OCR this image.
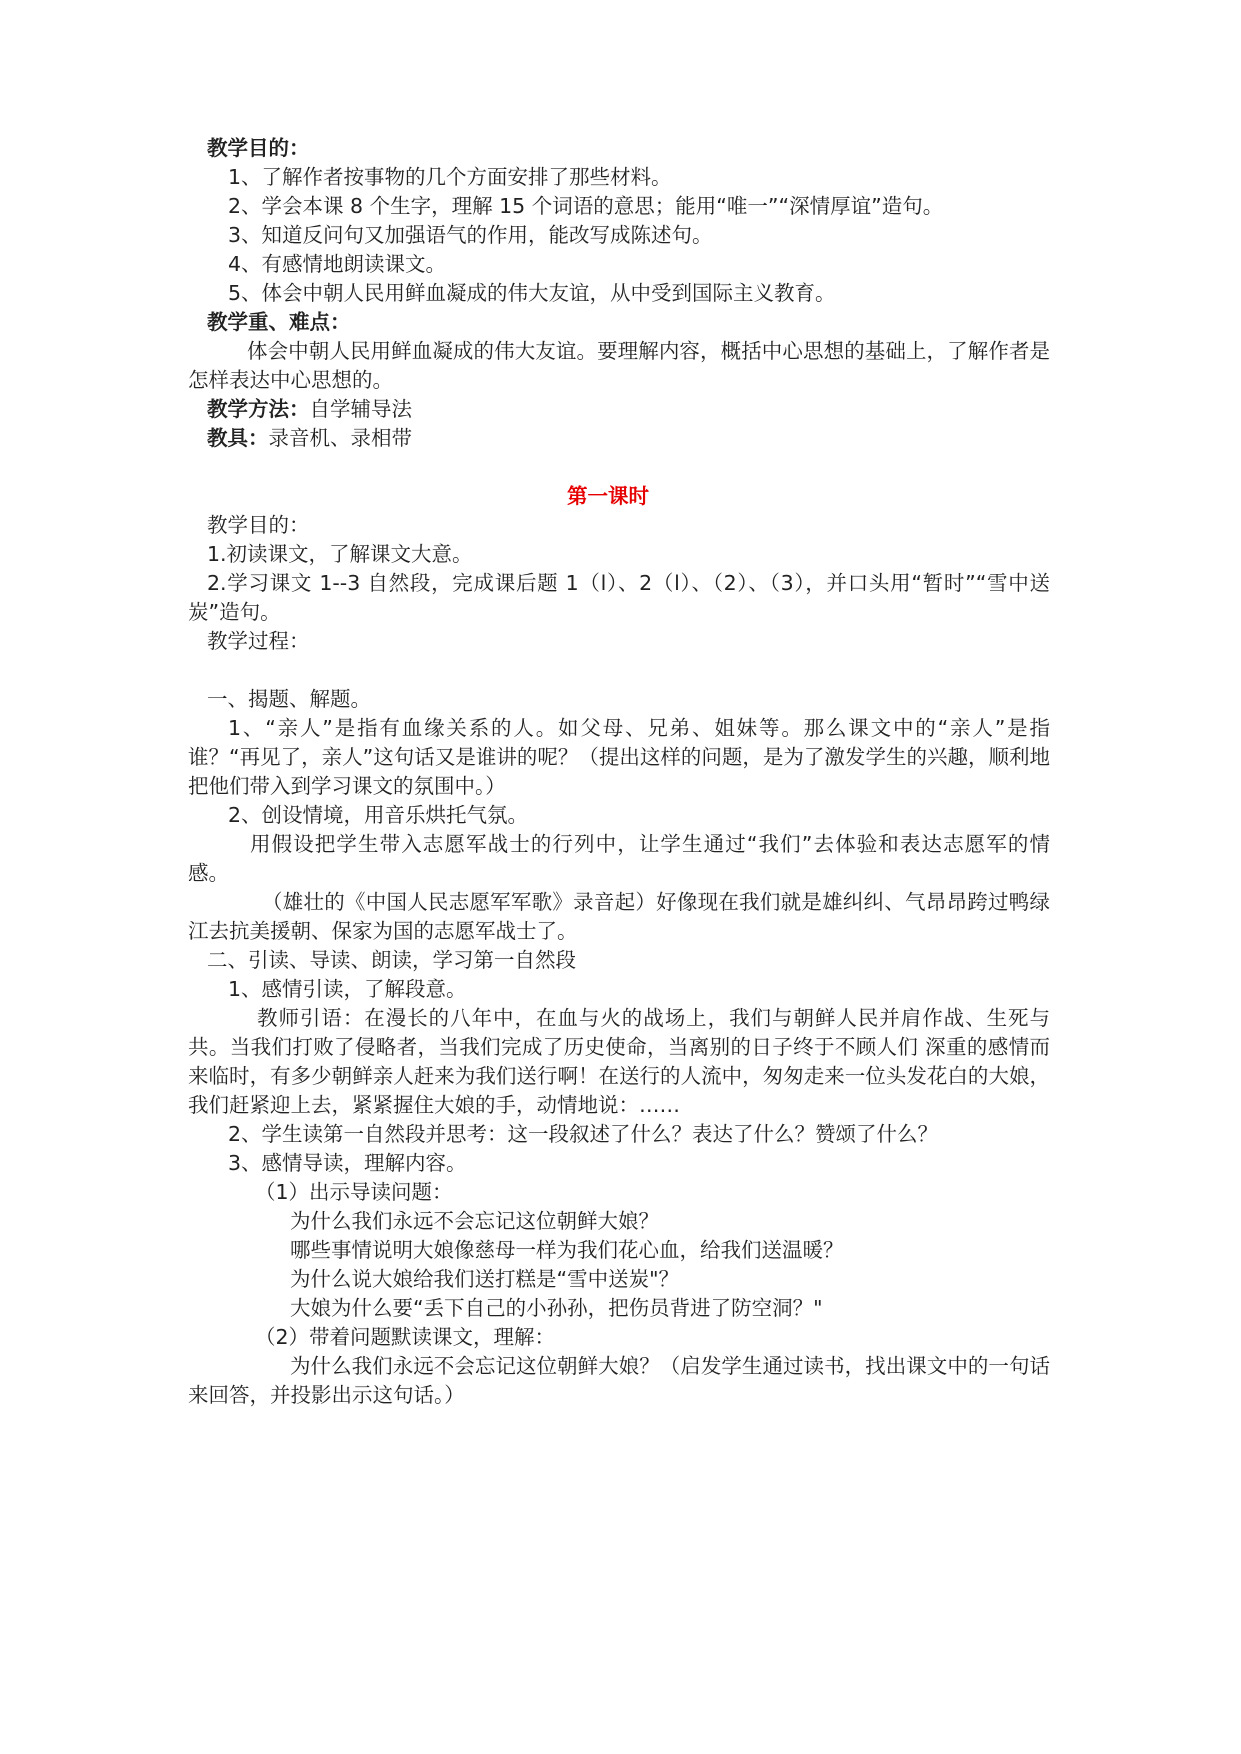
教学目的：

1、了解作者按事物的几个方面安排了那些材料。

2、学会本课 8 个生字，理解 15 个词语的意思；能用“唯一”“深情厚谊”造句。

3、知道反问句又加强语气的作用，能改写成陈述句。

4、有感情地朗读课文。

5、体会中朝人民用鲜血凝成的伟大友谊，从中受到国际主义教育。

教学重、难点：

体会中朝人民用鲜血凝成的伟大友谊。要理解内容，概括中心思想的基础上，了解作者是怎样表达中心思想的。

教学方法：自学辅导法

教具：录音机、录相带

第一课时

教学目的：

1.初读课文，了解课文大意。

2.学习课文 1--3 自然段，完成课后题 1（l）、2（l）、（2）、（3），并口头用“暂时”“雪中送炭”造句。

教学过程：

一、揭题、解题。

1、“亲人”是指有血缘关系的人。如父母、兄弟、姐妹等。那么课文中的“亲人”是指谁？“再见了，亲人”这句话又是谁讲的呢？（提出这样的问题，是为了激发学生的兴趣，顺利地把他们带入到学习课文的氛围中。）

2、创设情境，用音乐烘托气氛。

用假设把学生带入志愿军战士的行列中，让学生通过“我们”去体验和表达志愿军的情感。

（雄壮的《中国人民志愿军军歌》录音起）好像现在我们就是雄纠纠、气昂昂跨过鸭绿江去抗美援朝、保家为国的志愿军战士了。

二、引读、导读、朗读，学习第一自然段

1、感情引读，了解段意。

教师引语：在漫长的八年中，在血与火的战场上，我们与朝鲜人民并肩作战、生死与共。当我们打败了侵略者，当我们完成了历史使命，当离别的日子终于不顾人们 深重的感情而来临时，有多少朝鲜亲人赶来为我们送行啊！在送行的人流中，匆匆走来一位头发花白的大娘，我们赶紧迎上去，紧紧握住大娘的手，动情地说：……

2、学生读第一自然段并思考：这一段叙述了什么？表达了什么？赞颂了什么？

3、感情导读，理解内容。

（1）出示导读问题：

为什么我们永远不会忘记这位朝鲜大娘？

哪些事情说明大娘像慈母一样为我们花心血，给我们送温暖？

为什么说大娘给我们送打糕是“雪中送炭"？

大娘为什么要“丢下自己的小孙孙，把伤员背进了防空洞？"

（2）带着问题默读课文，理解：

为什么我们永远不会忘记这位朝鲜大娘？（启发学生通过读书，找出课文中的一句话来回答，并投影出示这句话。）
